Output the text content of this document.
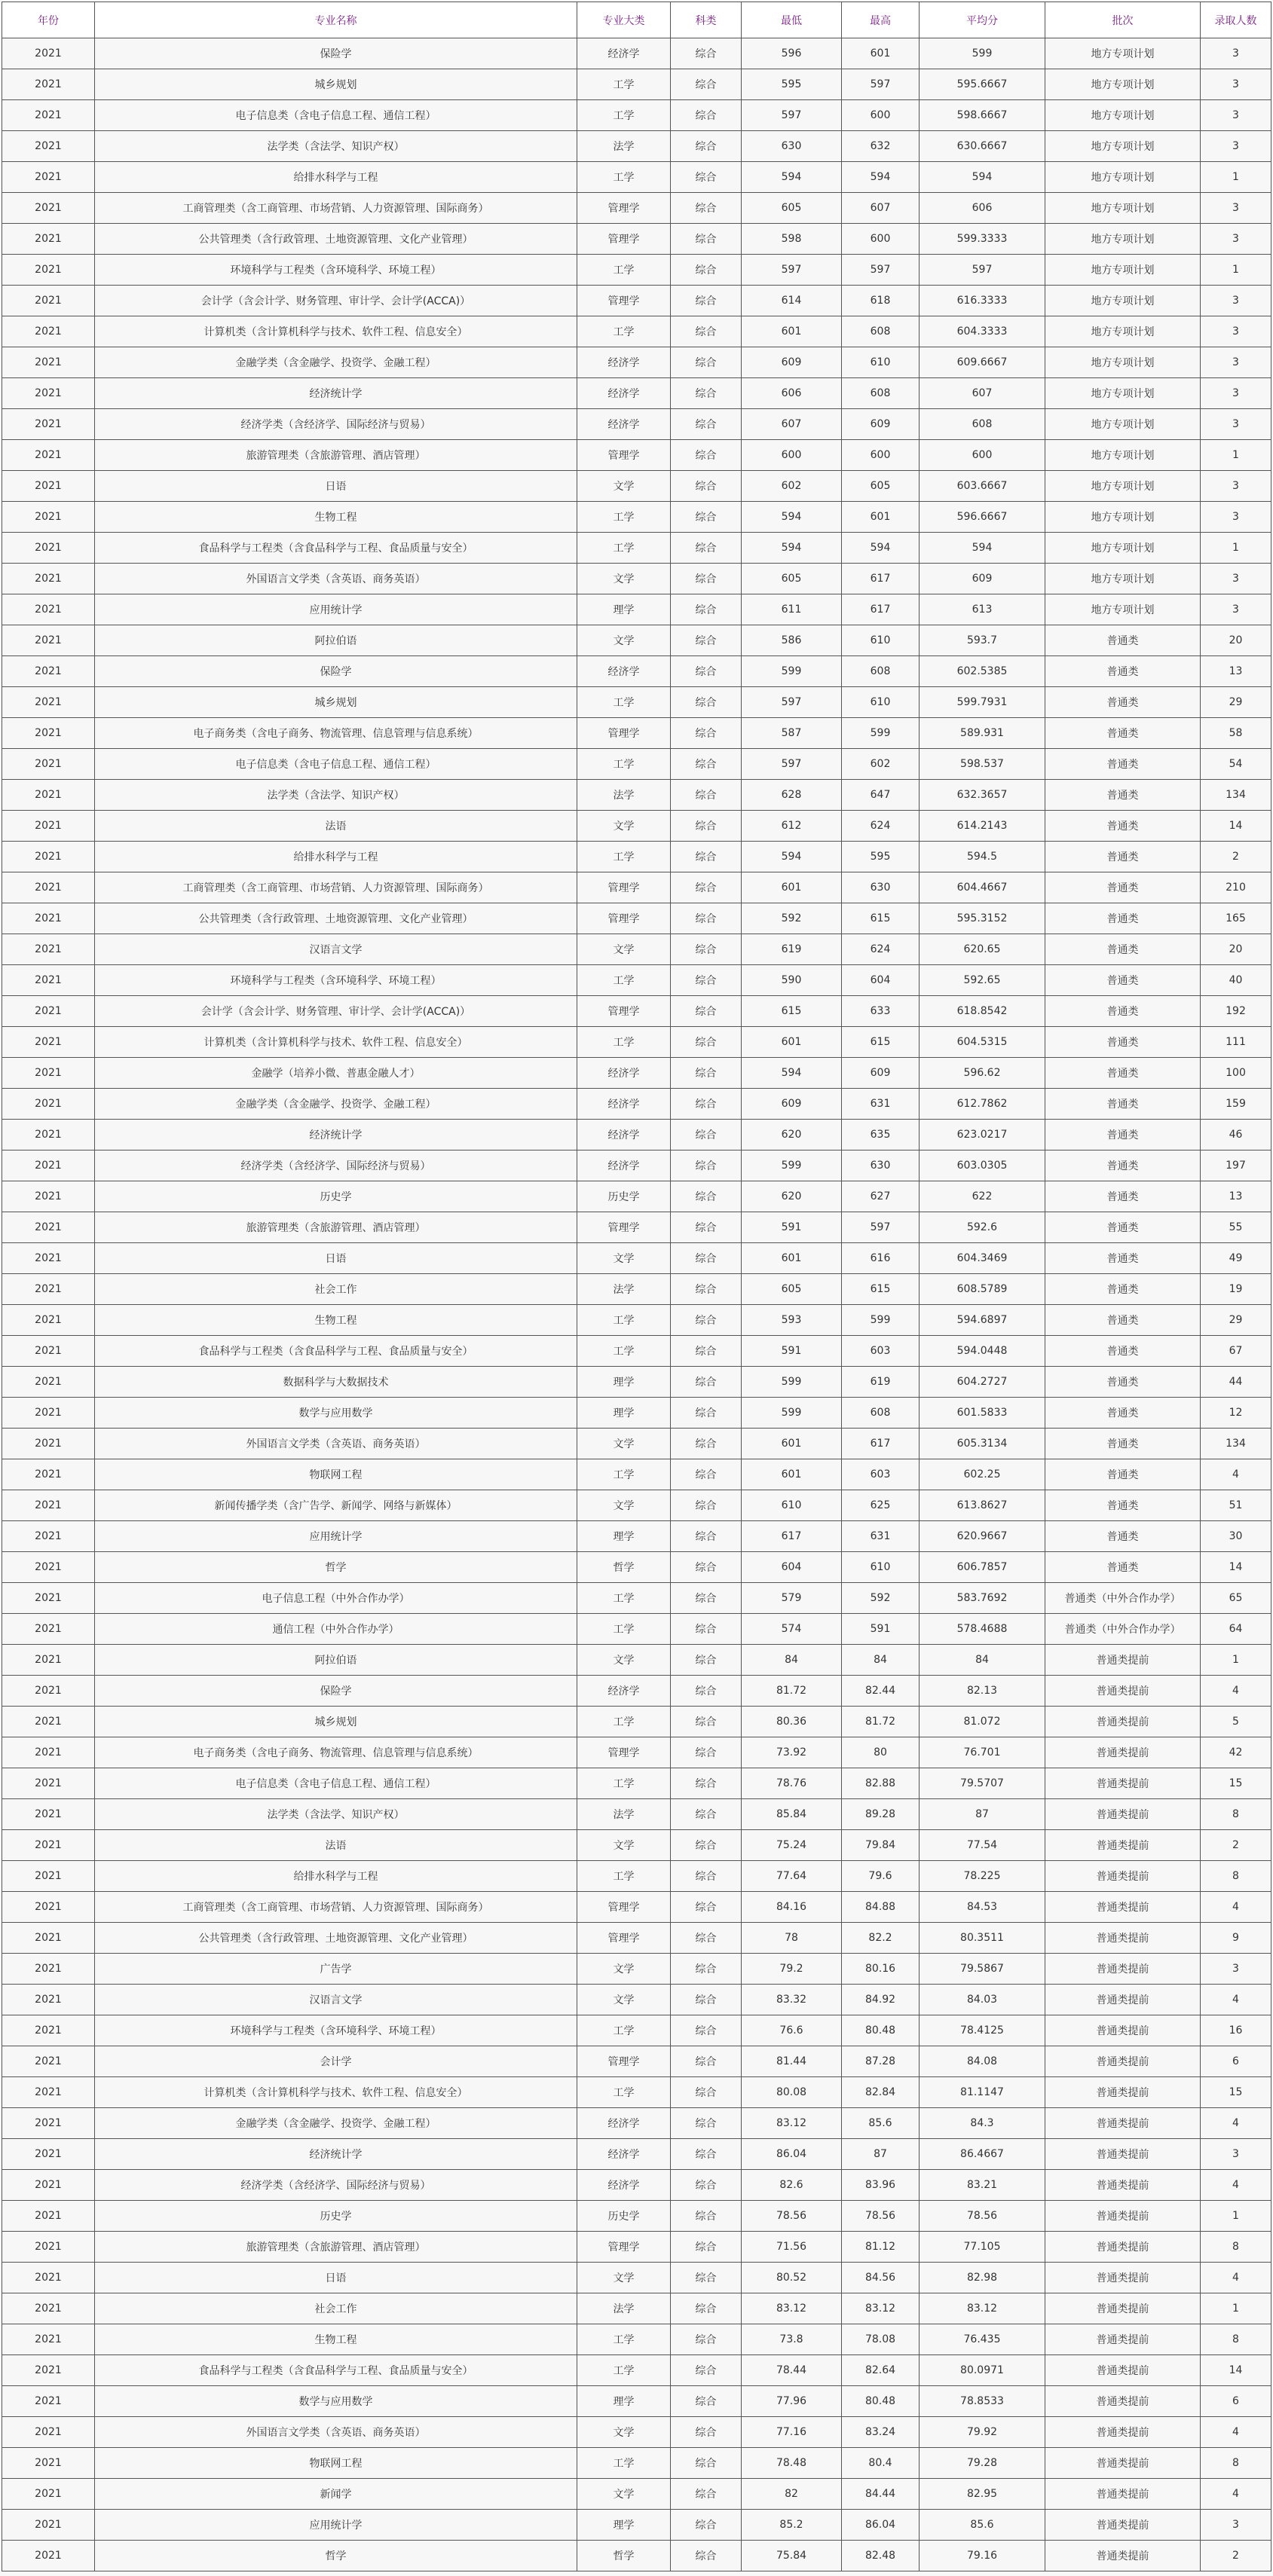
年份	专业名称	专业大类	科类	最低	最高	平均分	批次	录取人数
2021	保险学	经济学	综合	596	601	599	地方专项计划	3
2021	城乡规划	工学	综合	595	597	595.6667	地方专项计划	3
2021	电子信息类（含电子信息工程、通信工程）	工学	综合	597	600	598.6667	地方专项计划	3
2021	法学类（含法学、知识产权）	法学	综合	630	632	630.6667	地方专项计划	3
2021	给排水科学与工程	工学	综合	594	594	594	地方专项计划	1
2021	工商管理类（含工商管理、市场营销、人力资源管理、国际商务）	管理学	综合	605	607	606	地方专项计划	3
2021	公共管理类（含行政管理、土地资源管理、文化产业管理）	管理学	综合	598	600	599.3333	地方专项计划	3
2021	环境科学与工程类（含环境科学、环境工程）	工学	综合	597	597	597	地方专项计划	1
2021	会计学（含会计学、财务管理、审计学、会计学(ACCA)）	管理学	综合	614	618	616.3333	地方专项计划	3
2021	计算机类（含计算机科学与技术、软件工程、信息安全）	工学	综合	601	608	604.3333	地方专项计划	3
2021	金融学类（含金融学、投资学、金融工程）	经济学	综合	609	610	609.6667	地方专项计划	3
2021	经济统计学	经济学	综合	606	608	607	地方专项计划	3
2021	经济学类（含经济学、国际经济与贸易）	经济学	综合	607	609	608	地方专项计划	3
2021	旅游管理类（含旅游管理、酒店管理）	管理学	综合	600	600	600	地方专项计划	1
2021	日语	文学	综合	602	605	603.6667	地方专项计划	3
2021	生物工程	工学	综合	594	601	596.6667	地方专项计划	3
2021	食品科学与工程类（含食品科学与工程、食品质量与安全）	工学	综合	594	594	594	地方专项计划	1
2021	外国语言文学类（含英语、商务英语）	文学	综合	605	617	609	地方专项计划	3
2021	应用统计学	理学	综合	611	617	613	地方专项计划	3
2021	阿拉伯语	文学	综合	586	610	593.7	普通类	20
2021	保险学	经济学	综合	599	608	602.5385	普通类	13
2021	城乡规划	工学	综合	597	610	599.7931	普通类	29
2021	电子商务类（含电子商务、物流管理、信息管理与信息系统）	管理学	综合	587	599	589.931	普通类	58
2021	电子信息类（含电子信息工程、通信工程）	工学	综合	597	602	598.537	普通类	54
2021	法学类（含法学、知识产权）	法学	综合	628	647	632.3657	普通类	134
2021	法语	文学	综合	612	624	614.2143	普通类	14
2021	给排水科学与工程	工学	综合	594	595	594.5	普通类	2
2021	工商管理类（含工商管理、市场营销、人力资源管理、国际商务）	管理学	综合	601	630	604.4667	普通类	210
2021	公共管理类（含行政管理、土地资源管理、文化产业管理）	管理学	综合	592	615	595.3152	普通类	165
2021	汉语言文学	文学	综合	619	624	620.65	普通类	20
2021	环境科学与工程类（含环境科学、环境工程）	工学	综合	590	604	592.65	普通类	40
2021	会计学（含会计学、财务管理、审计学、会计学(ACCA)）	管理学	综合	615	633	618.8542	普通类	192
2021	计算机类（含计算机科学与技术、软件工程、信息安全）	工学	综合	601	615	604.5315	普通类	111
2021	金融学（培养小微、普惠金融人才）	经济学	综合	594	609	596.62	普通类	100
2021	金融学类（含金融学、投资学、金融工程）	经济学	综合	609	631	612.7862	普通类	159
2021	经济统计学	经济学	综合	620	635	623.0217	普通类	46
2021	经济学类（含经济学、国际经济与贸易）	经济学	综合	599	630	603.0305	普通类	197
2021	历史学	历史学	综合	620	627	622	普通类	13
2021	旅游管理类（含旅游管理、酒店管理）	管理学	综合	591	597	592.6	普通类	55
2021	日语	文学	综合	601	616	604.3469	普通类	49
2021	社会工作	法学	综合	605	615	608.5789	普通类	19
2021	生物工程	工学	综合	593	599	594.6897	普通类	29
2021	食品科学与工程类（含食品科学与工程、食品质量与安全）	工学	综合	591	603	594.0448	普通类	67
2021	数据科学与大数据技术	理学	综合	599	619	604.2727	普通类	44
2021	数学与应用数学	理学	综合	599	608	601.5833	普通类	12
2021	外国语言文学类（含英语、商务英语）	文学	综合	601	617	605.3134	普通类	134
2021	物联网工程	工学	综合	601	603	602.25	普通类	4
2021	新闻传播学类（含广告学、新闻学、网络与新媒体）	文学	综合	610	625	613.8627	普通类	51
2021	应用统计学	理学	综合	617	631	620.9667	普通类	30
2021	哲学	哲学	综合	604	610	606.7857	普通类	14
2021	电子信息工程（中外合作办学）	工学	综合	579	592	583.7692	普通类（中外合作办学）	65
2021	通信工程（中外合作办学）	工学	综合	574	591	578.4688	普通类（中外合作办学）	64
2021	阿拉伯语	文学	综合	84	84	84	普通类提前	1
2021	保险学	经济学	综合	81.72	82.44	82.13	普通类提前	4
2021	城乡规划	工学	综合	80.36	81.72	81.072	普通类提前	5
2021	电子商务类（含电子商务、物流管理、信息管理与信息系统）	管理学	综合	73.92	80	76.701	普通类提前	42
2021	电子信息类（含电子信息工程、通信工程）	工学	综合	78.76	82.88	79.5707	普通类提前	15
2021	法学类（含法学、知识产权）	法学	综合	85.84	89.28	87	普通类提前	8
2021	法语	文学	综合	75.24	79.84	77.54	普通类提前	2
2021	给排水科学与工程	工学	综合	77.64	79.6	78.225	普通类提前	8
2021	工商管理类（含工商管理、市场营销、人力资源管理、国际商务）	管理学	综合	84.16	84.88	84.53	普通类提前	4
2021	公共管理类（含行政管理、土地资源管理、文化产业管理）	管理学	综合	78	82.2	80.3511	普通类提前	9
2021	广告学	文学	综合	79.2	80.16	79.5867	普通类提前	3
2021	汉语言文学	文学	综合	83.32	84.92	84.03	普通类提前	4
2021	环境科学与工程类（含环境科学、环境工程）	工学	综合	76.6	80.48	78.4125	普通类提前	16
2021	会计学	管理学	综合	81.44	87.28	84.08	普通类提前	6
2021	计算机类（含计算机科学与技术、软件工程、信息安全）	工学	综合	80.08	82.84	81.1147	普通类提前	15
2021	金融学类（含金融学、投资学、金融工程）	经济学	综合	83.12	85.6	84.3	普通类提前	4
2021	经济统计学	经济学	综合	86.04	87	86.4667	普通类提前	3
2021	经济学类（含经济学、国际经济与贸易）	经济学	综合	82.6	83.96	83.21	普通类提前	4
2021	历史学	历史学	综合	78.56	78.56	78.56	普通类提前	1
2021	旅游管理类（含旅游管理、酒店管理）	管理学	综合	71.56	81.12	77.105	普通类提前	8
2021	日语	文学	综合	80.52	84.56	82.98	普通类提前	4
2021	社会工作	法学	综合	83.12	83.12	83.12	普通类提前	1
2021	生物工程	工学	综合	73.8	78.08	76.435	普通类提前	8
2021	食品科学与工程类（含食品科学与工程、食品质量与安全）	工学	综合	78.44	82.64	80.0971	普通类提前	14
2021	数学与应用数学	理学	综合	77.96	80.48	78.8533	普通类提前	6
2021	外国语言文学类（含英语、商务英语）	文学	综合	77.16	83.24	79.92	普通类提前	4
2021	物联网工程	工学	综合	78.48	80.4	79.28	普通类提前	8
2021	新闻学	文学	综合	82	84.44	82.95	普通类提前	4
2021	应用统计学	理学	综合	85.2	86.04	85.6	普通类提前	3
2021	哲学	哲学	综合	75.84	82.48	79.16	普通类提前	2
